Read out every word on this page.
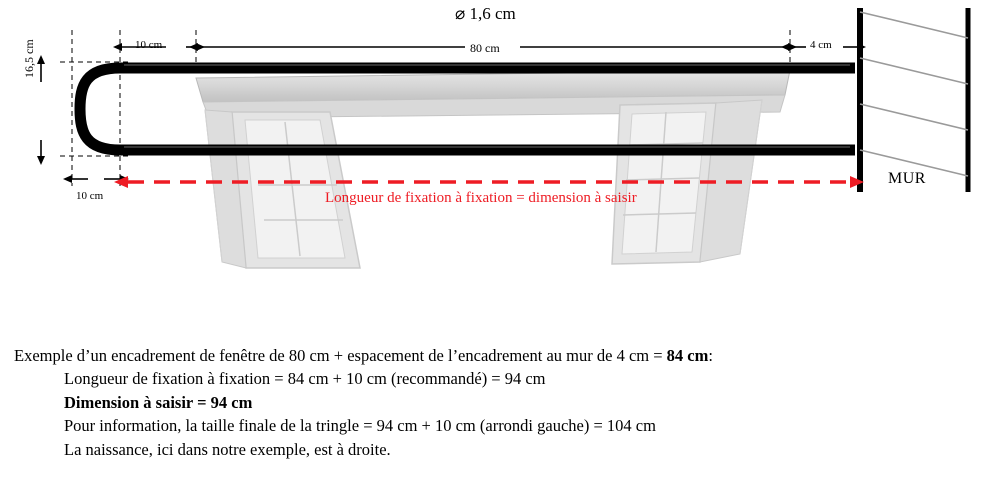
⌀ 1,6 cm
80 cm
10 cm	4 cm
16,5 cm
10 cm
MUR
Longueur de fixation à fixation = dimension à saisir
Exemple d’un encadrement de fenêtre de 80 cm + espacement de l’encadrement au mur de 4 cm = 84 cm:
Longueur de fixation à fixation = 84 cm + 10 cm (recommandé) = 94 cm
Dimension à saisir = 94 cm
Pour information, la taille finale de la tringle = 94 cm + 10 cm (arrondi gauche) = 104 cm
La naissance, ici dans notre exemple, est à droite.
